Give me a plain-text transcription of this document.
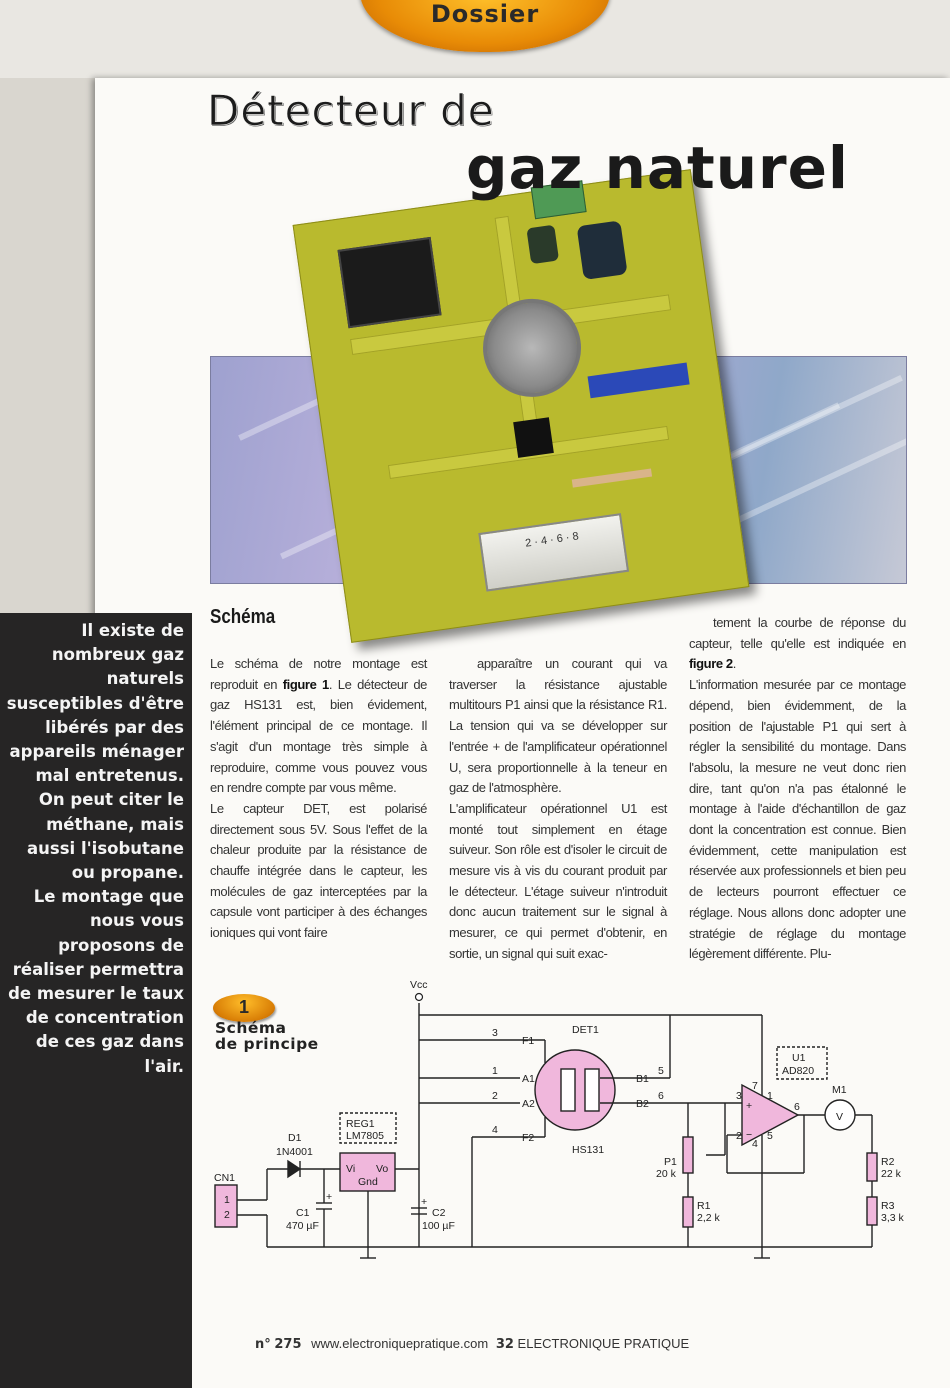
Dossier
Détecteur de
2 · 4 · 6 · 8
gaz naturel
Il existe de
nombreux gaz
naturels
susceptibles d'être
libérés par des
appareils ménager
mal entretenus.
On peut citer le
méthane, mais
aussi l'isobutane
ou propane.
Le montage que
nous vous
proposons de
réaliser permettra
de mesurer le taux
de concentration
de ces gaz dans
l'air.
Schéma

Le schéma de notre montage est reproduit en figure 1. Le détecteur de gaz HS131 est, bien évidement, l'élément principal de ce montage. Il s'agit d'un montage très simple à reproduire, comme vous pouvez vous en rendre compte par vous même.

Le capteur DET, est polarisé directement sous 5V. Sous l'effet de la chaleur produite par la résistance de chauffe intégrée dans le capteur, les molécules de gaz interceptées par la capsule vont participer à des échanges ioniques qui vont faire

apparaître un courant qui va traverser la résistance ajustable multitours P1 ainsi que la résistance R1. La tension qui va se développer sur l'entrée + de l'amplificateur opérationnel U, sera proportionnelle à la teneur en gaz de l'atmosphère.

L'amplificateur opérationnel U1 est monté tout simplement en étage suiveur. Son rôle est d'isoler le circuit de mesure vis à vis du courant produit par le détecteur. L'étage suiveur n'introduit donc aucun traitement sur le signal à mesurer, ce qui permet d'obtenir, en sortie, un signal qui suit exac-

tement la courbe de réponse du capteur, telle qu'elle est indiquée en figure 2.

L'information mesurée par ce montage dépend, bien évidemment, de la position de l'ajustable P1 qui sert à régler la sensibilité du montage. Dans l'absolu, la mesure ne veut donc rien dire, tant qu'on n'a pas étalonné le montage à l'aide d'échantillon de gaz dont la concentration est connue. Bien évidemment, cette manipulation est réservée aux professionnels et bien peu de lecteurs pourront effectuer ce réglage. Nous allons donc adopter une stratégie de réglage du montage légèrement différente. Plu-

1
Schéma
de principe
Vcc
DET1
HS131
F1
A1
A2
F2
B1
B2
3
1
2
4
5
6
REG1
LM7805
Vi Vo
Gnd
D1
1N4001
CN1
1
2	C1
470 µF
C2
100 µF
+	+
P1
20 k
R1
2,2 k
U1
AD820
3
2
7
4
5
1
6
+
−
M1
V
R2
22 k
R3
3,3 k
n° 275 www.electroniquepratique.com 32 ELECTRONIQUE PRATIQUE
